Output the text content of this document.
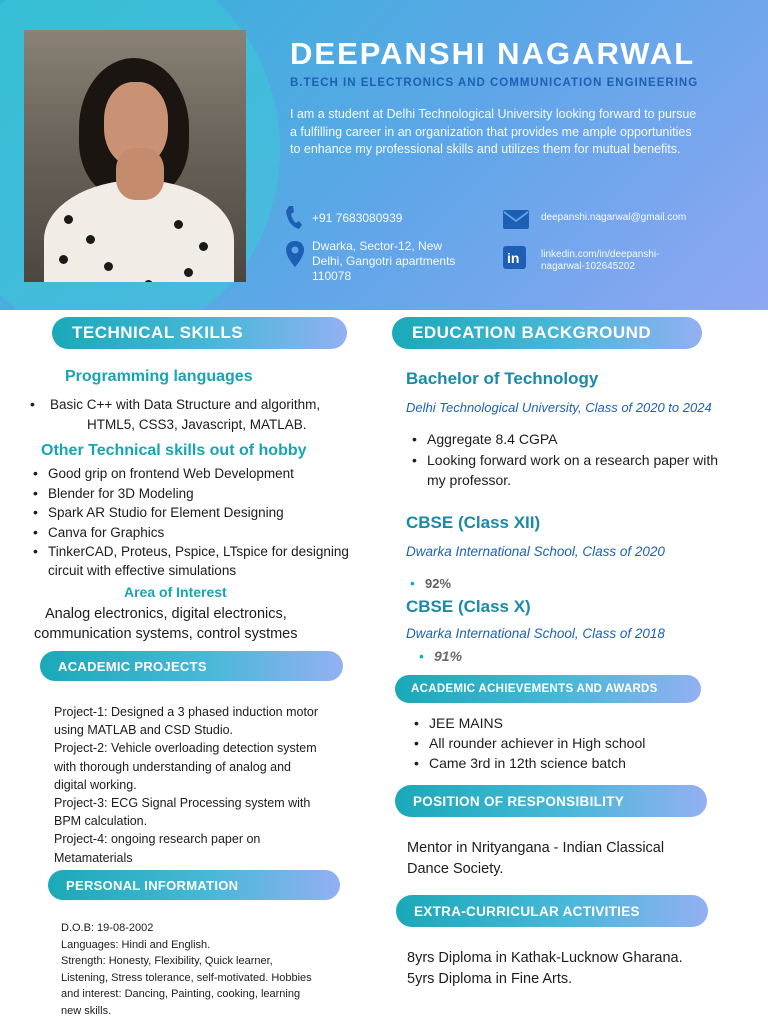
DEEPANSHI NAGARWAL
B.TECH IN ELECTRONICS AND COMMUNICATION ENGINEERING
I am a student at Delhi Technological University looking forward to pursue a fulfilling career in an organization that provides me ample opportunities to enhance my professional skills and utilizes them for mutual benefits.
+91 7683080939
Dwarka, Sector-12, New
Delhi, Gangotri apartments
110078
deepanshi.nagarwal@gmail.com
in linkedin.com/in/deepanshi-
nagarwal-102645202
TECHNICAL SKILLS
Programming languages
• Basic C++ with Data Structure and algorithm,
HTML5, CSS3, Javascript, MATLAB.
Other Technical skills out of hobby
• Good grip on frontend Web Development
• Blender for 3D Modeling
• Spark AR Studio for Element Designing
• Canva for Graphics
• TinkerCAD, Proteus, Pspice, LTspice for designing
circuit with effective simulations
Area of Interest
Analog electronics, digital electronics,
communication systems, control systmes
ACADEMIC PROJECTS
Project-1: Designed a 3 phased induction motor
using MATLAB and CSD Studio.
Project-2: Vehicle overloading detection system
with thorough understanding of analog and
digital working.
Project-3: ECG Signal Processing system with
BPM calculation.
Project-4: ongoing research paper on
Metamaterials
PERSONAL INFORMATION
D.O.B: 19-08-2002
Languages: Hindi and English.
Strength: Honesty, Flexibility, Quick learner,
Listening, Stress tolerance, self-motivated. Hobbies
and interest: Dancing, Painting, cooking, learning
new skills.
EDUCATION BACKGROUND
Bachelor of Technology
Delhi Technological University, Class of 2020 to 2024
• Aggregate 8.4 CGPA
• Looking forward work on a research paper with
my professor.
CBSE (Class XII)
Dwarka International School, Class of 2020
• 92%
CBSE (Class X)
Dwarka International School, Class of 2018
• 91%
ACADEMIC ACHIEVEMENTS AND AWARDS
• JEE MAINS
• All rounder achiever in High school
• Came 3rd in 12th science batch
POSITION OF RESPONSIBILITY
Mentor in Nrityangana - Indian Classical
Dance Society.
EXTRA-CURRICULAR ACTIVITIES
8yrs Diploma in Kathak-Lucknow Gharana.
5yrs Diploma in Fine Arts.
